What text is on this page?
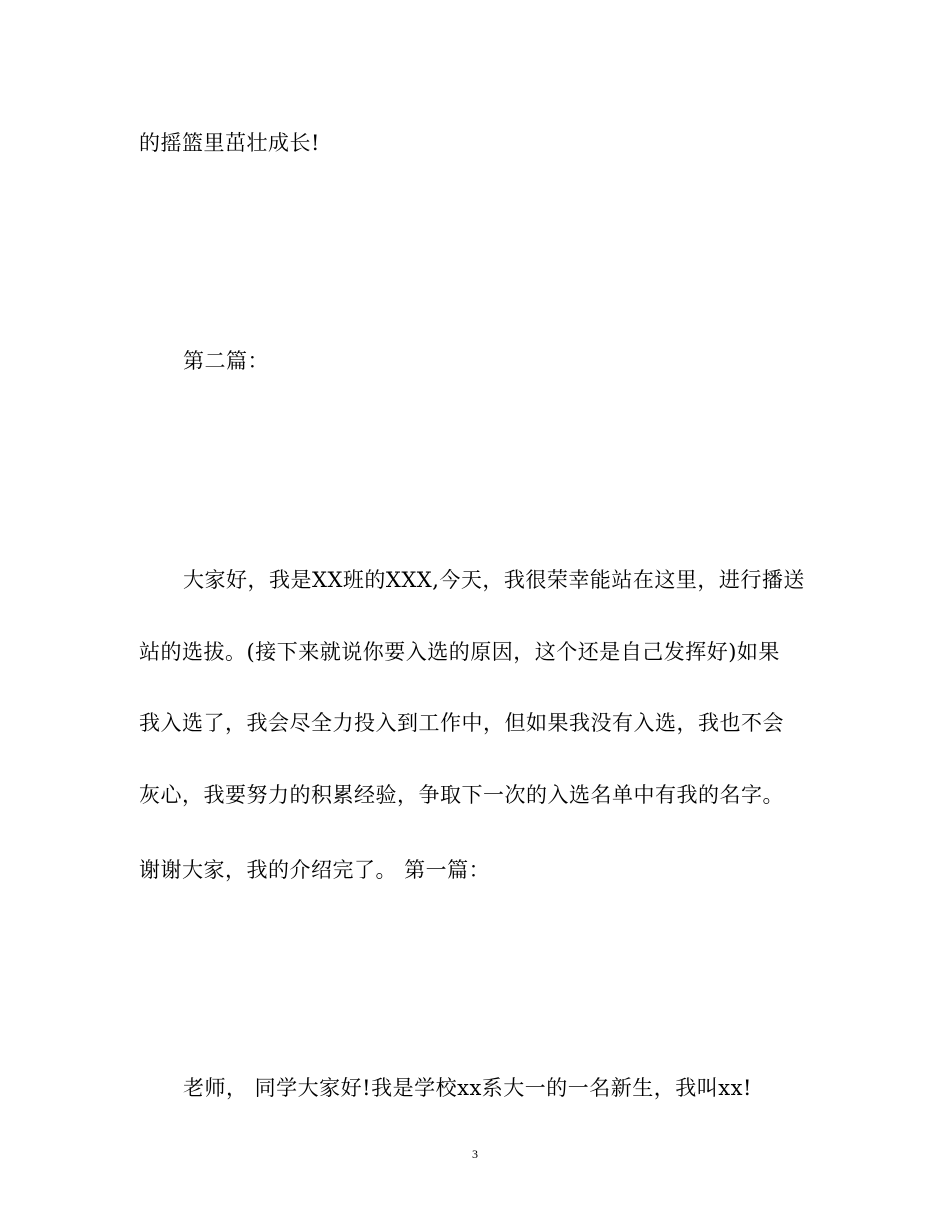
的摇篮里茁壮成长!
第二篇：
大家好，我是XX班的XXX,今天，我很荣幸能站在这里，进行播送
站的选拔。(接下来就说你要入选的原因，这个还是自己发挥好)如果
我入选了，我会尽全力投入到工作中，但如果我没有入选，我也不会
灰心，我要努力的积累经验，争取下一次的入选名单中有我的名字。
谢谢大家，我的介绍完了。 第一篇：
老师， 同学大家好!我是学校xx系大一的一名新生，我叫xx!
3
